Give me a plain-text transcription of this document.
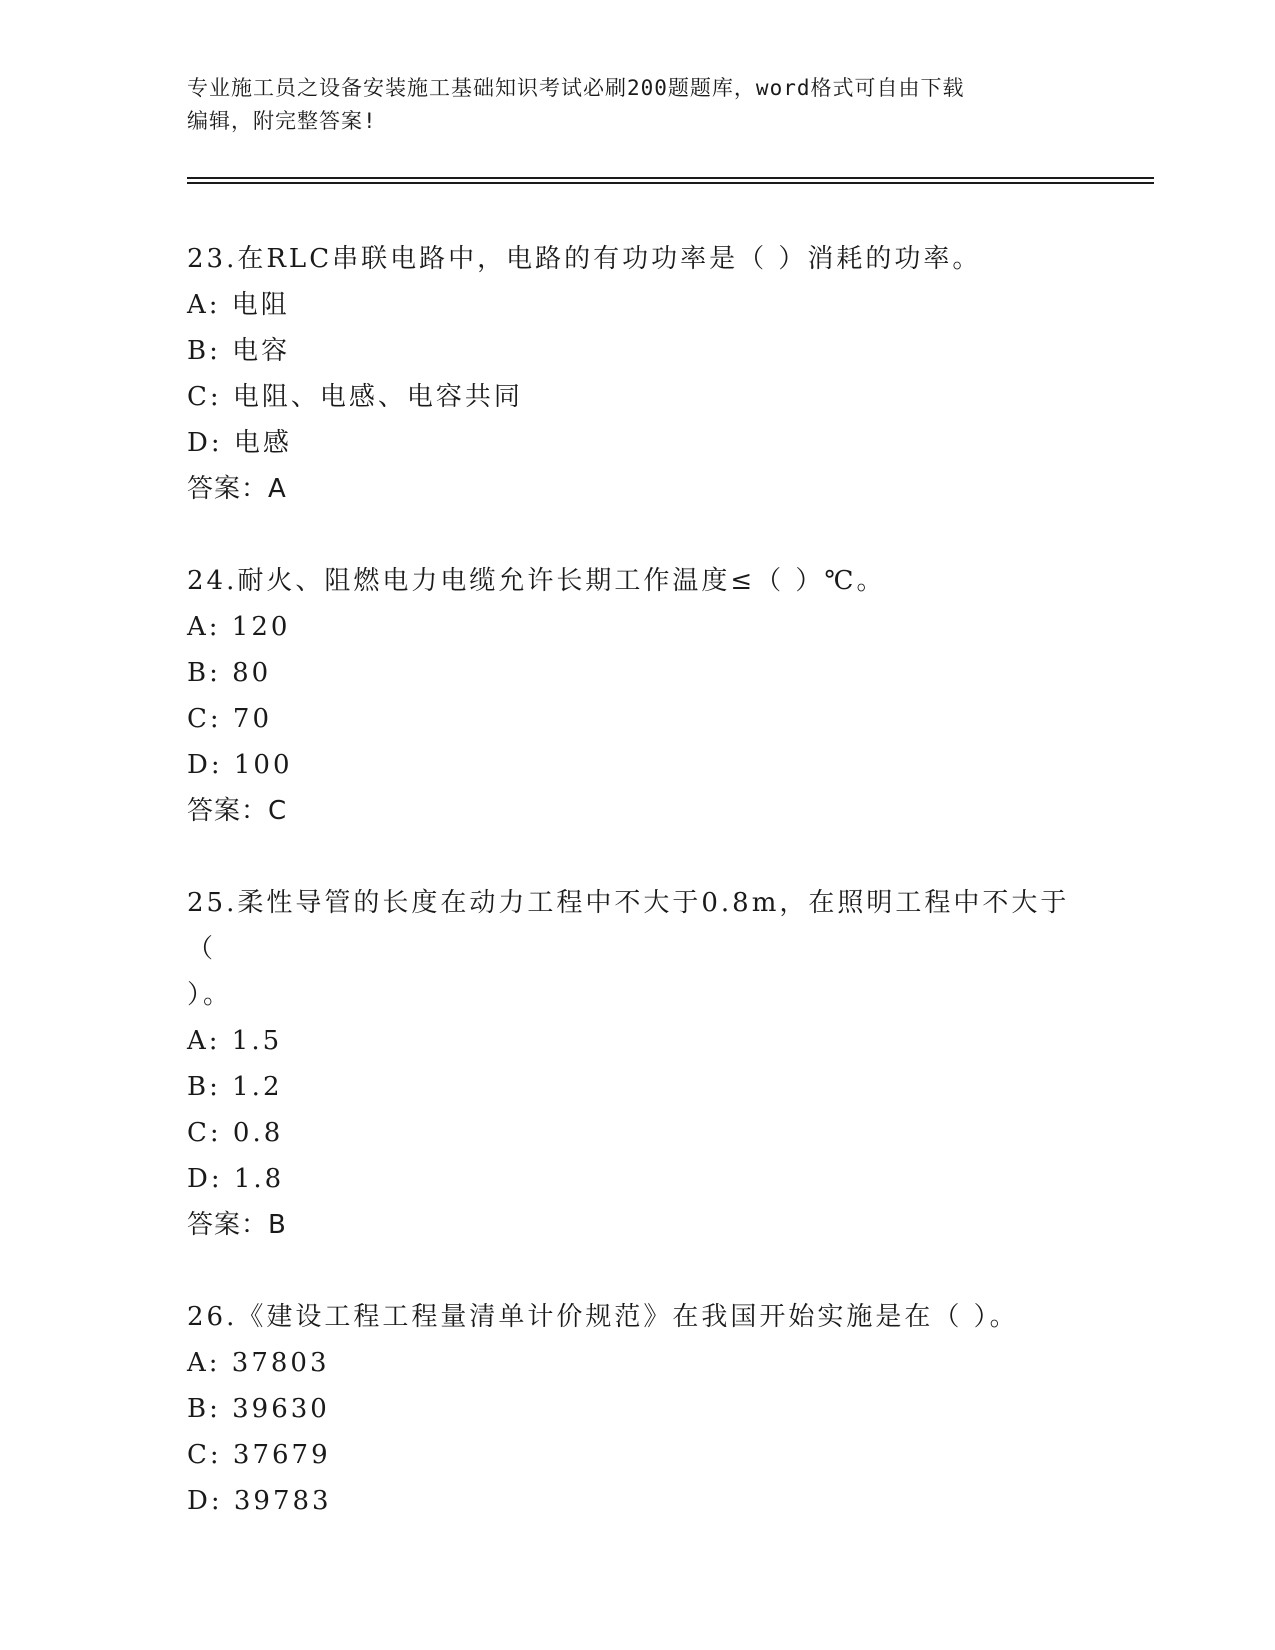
专业施工员之设备安装施工基础知识考试必刷200题题库，word格式可自由下载
编辑，附完整答案!

23.在RLC串联电路中，电路的有功功率是（ ）消耗的功率。

A: 电阻

B: 电容

C: 电阻、电感、电容共同

D: 电感

答案：A

24.耐火、阻燃电力电缆允许长期工作温度≤（ ）℃。

A: 120

B: 80

C: 70

D: 100

答案：C

25.柔性导管的长度在动力工程中不大于0.8m，在照明工程中不大于（

）。

A: 1.5

B: 1.2

C: 0.8

D: 1.8

答案：B

26.《建设工程工程量清单计价规范》在我国开始实施是在（ ）。

A: 37803

B: 39630

C: 37679

D: 39783
